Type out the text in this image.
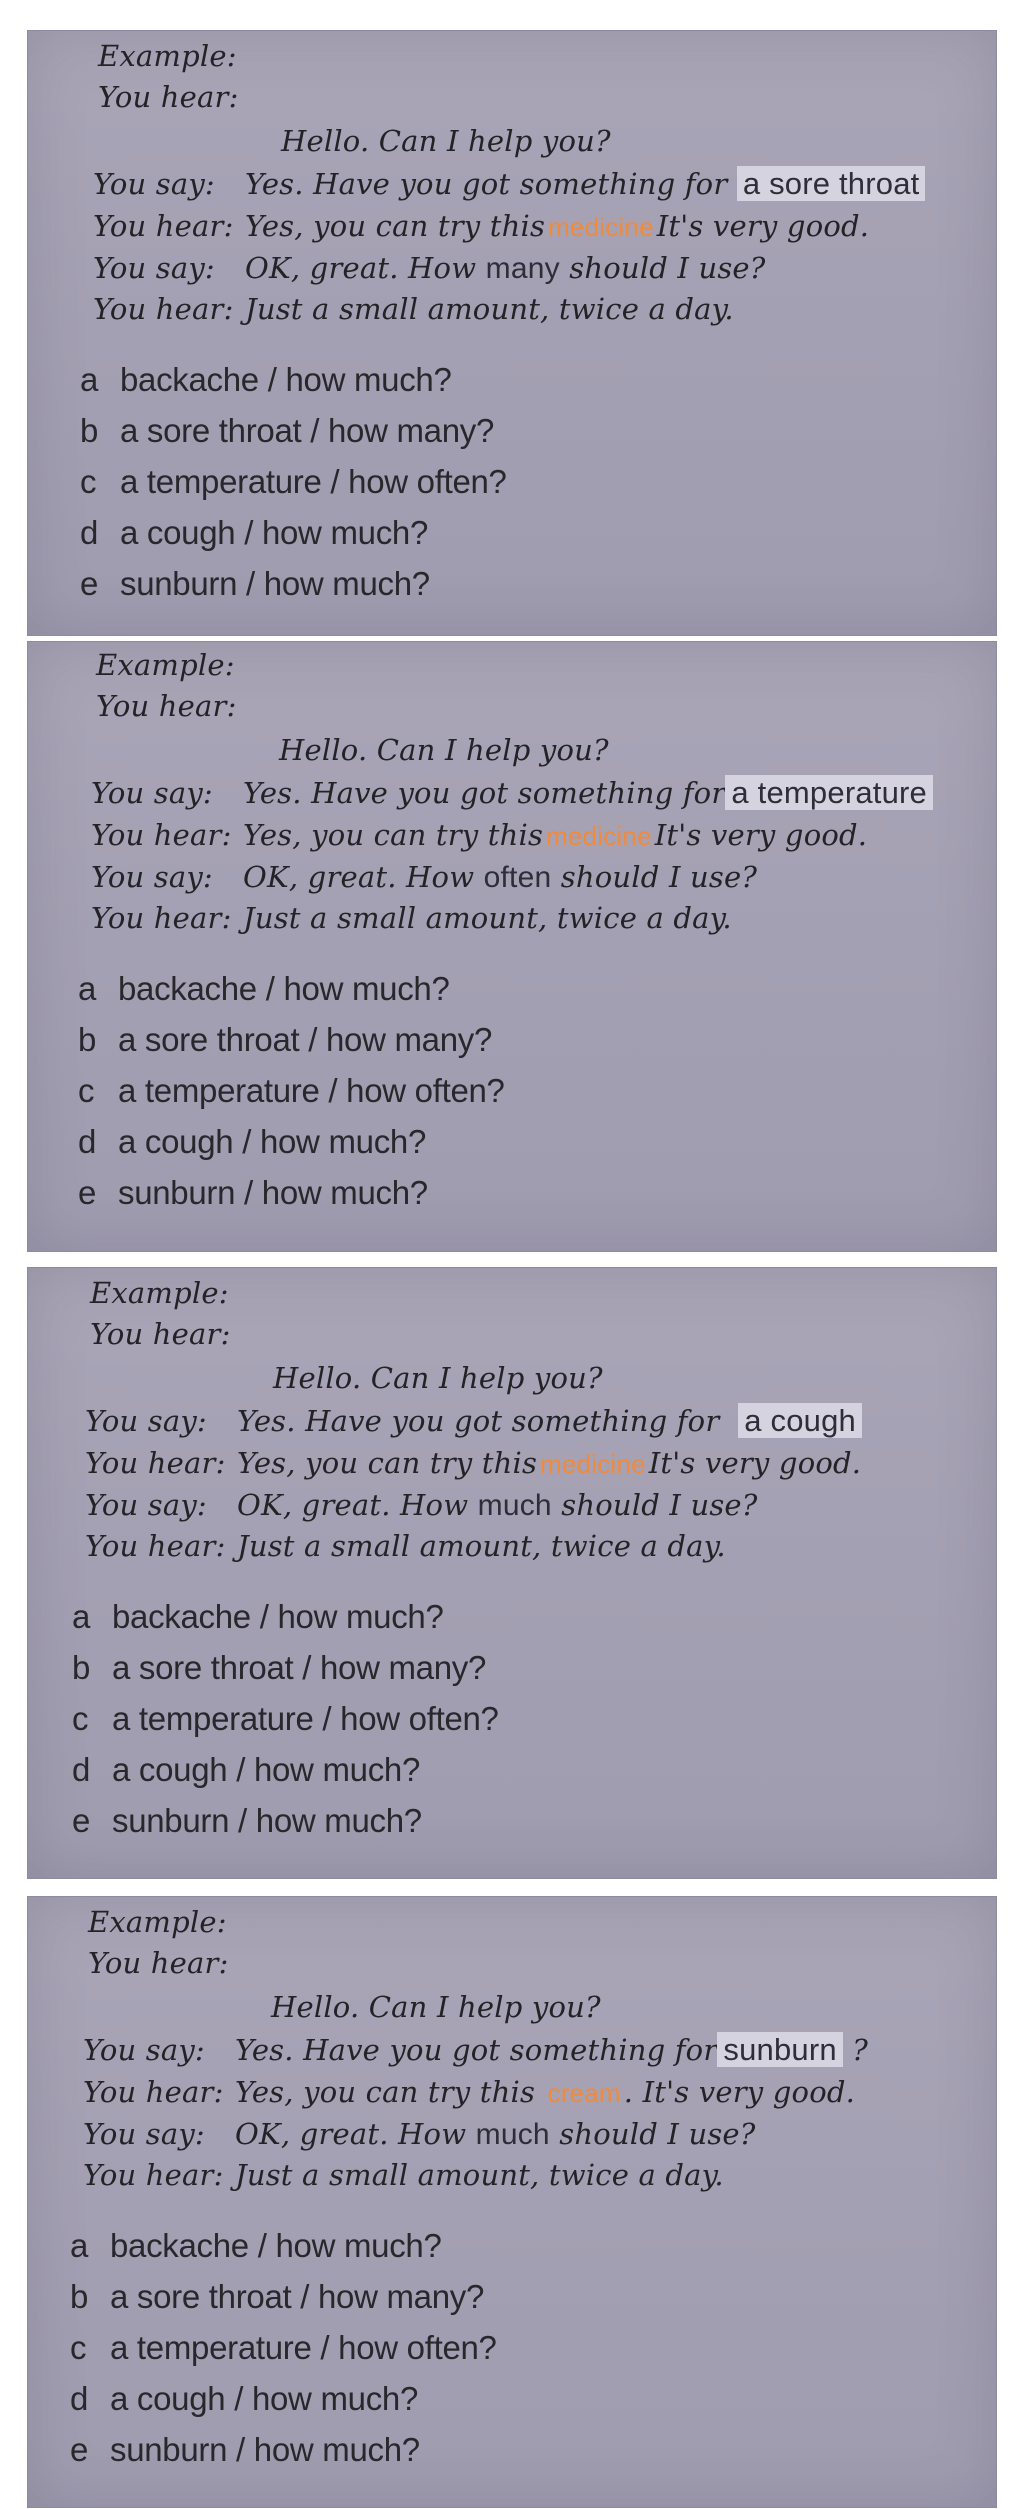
Example:
You hear:
Hello. Can I help you?
You say: Yes. Have you got something for a sore throat
You hear: Yes, you can try this medicine It's very good.
You say: OK, great. How many should I use?
You hear: Just a small amount, twice a day.
a backache / how much?
b a sore throat / how many?
c a temperature / how often?
d a cough / how much?
e sunburn / how much?
Example:
You hear:
Hello. Can I help you?
You say: Yes. Have you got something for a temperature
You hear: Yes, you can try this medicine It's very good.
You say: OK, great. How often should I use?
You hear: Just a small amount, twice a day.
a backache / how much?
b a sore throat / how many?
c a temperature / how often?
d a cough / how much?
e sunburn / how much?
Example:
You hear:
Hello. Can I help you?
You say: Yes. Have you got something for a cough
You hear: Yes, you can try this medicine It's very good.
You say: OK, great. How much should I use?
You hear: Just a small amount, twice a day.
a backache / how much?
b a sore throat / how many?
c a temperature / how often?
d a cough / how much?
e sunburn / how much?
Example:
You hear:
Hello. Can I help you?
You say: Yes. Have you got something for sunburn ?
You hear: Yes, you can try this cream . It's very good.
You say: OK, great. How much should I use?
You hear: Just a small amount, twice a day.
a backache / how much?
b a sore throat / how many?
c a temperature / how often?
d a cough / how much?
e sunburn / how much?
